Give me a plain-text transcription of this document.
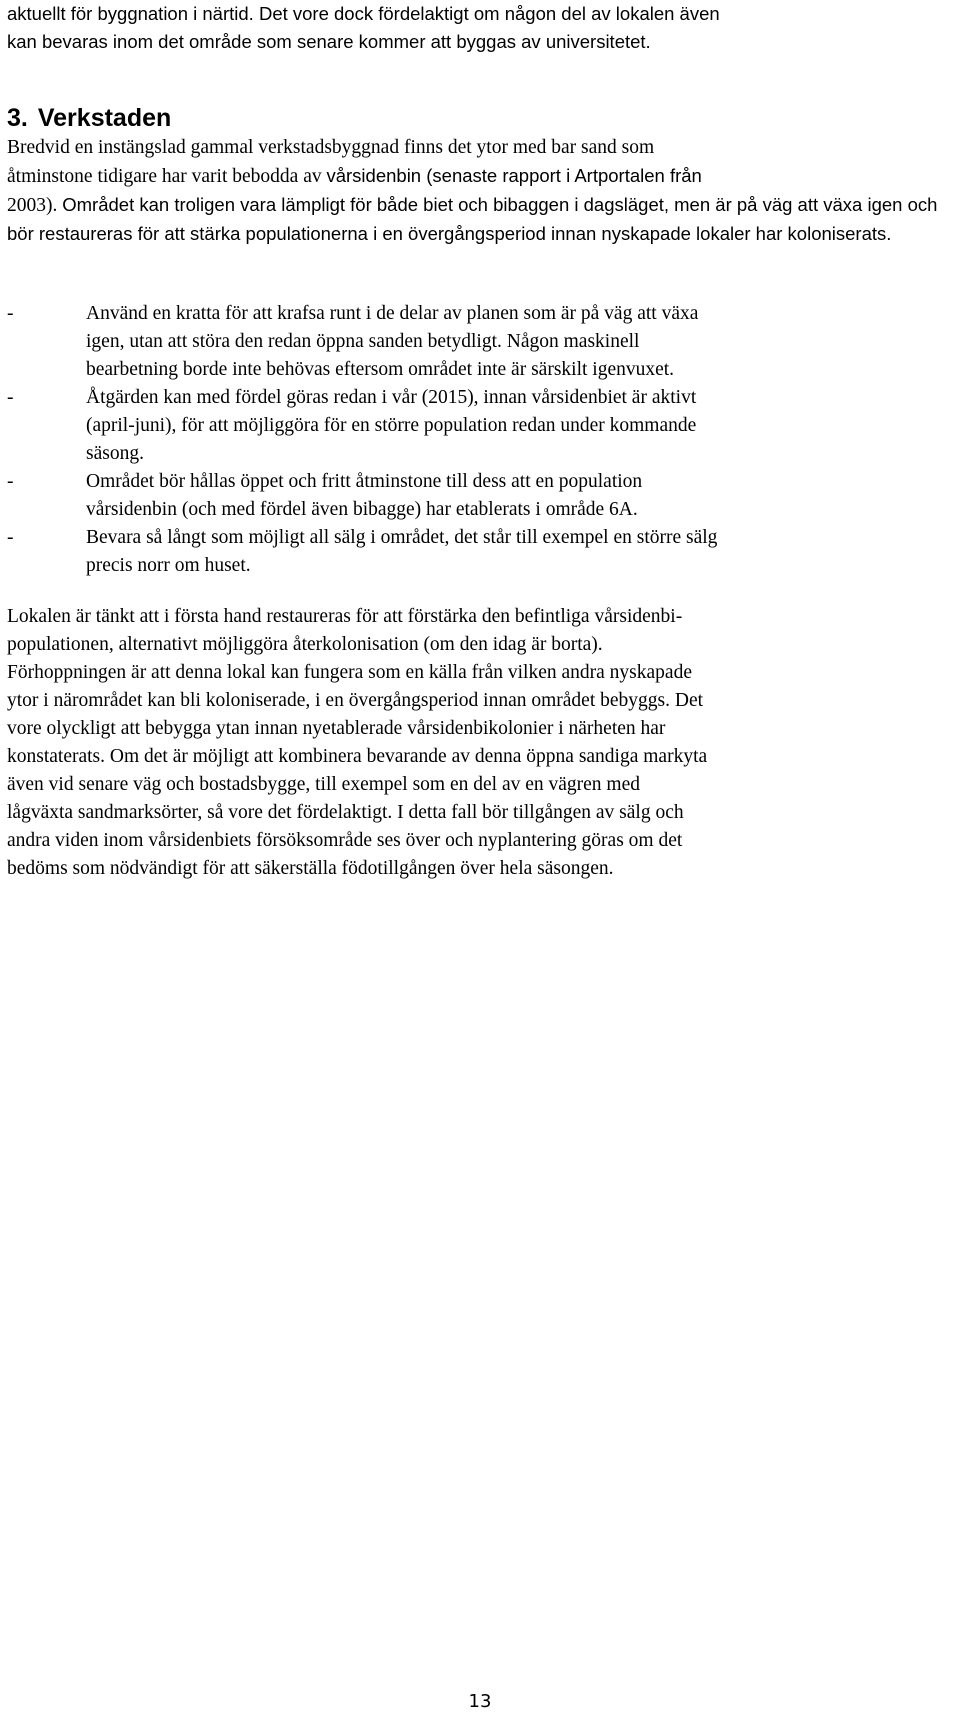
aktuellt för byggnation i närtid. Det vore dock fördelaktigt om någon del av lokalen även
kan bevaras inom det område som senare kommer att byggas av universitetet.

3. Verkstaden

Bredvid en instängslad gammal verkstadsbyggnad finns det ytor med bar sand som
åtminstone tidigare har varit bebodda av vårsidenbin (senaste rapport i Artportalen från
2003). Området kan troligen vara lämpligt för både biet och bibaggen i dagsläget, men är på väg att växa igen och bör restaureras för att stärka populationerna i en övergångsperiod innan nyskapade lokaler har koloniserats.

-	Använd en kratta för att krafsa runt i de delar av planen som är på väg att växa
igen, utan att störa den redan öppna sanden betydligt. Någon maskinell
bearbetning borde inte behövas eftersom området inte är särskilt igenvuxet.
-	Åtgärden kan med fördel göras redan i vår (2015), innan vårsidenbiet är aktivt
(april-juni), för att möjliggöra för en större population redan under kommande
säsong.
-	Området bör hållas öppet och fritt åtminstone till dess att en population
vårsidenbin (och med fördel även bibagge) har etablerats i område 6A.
-	Bevara så långt som möjligt all sälg i området, det står till exempel en större sälg
precis norr om huset.

Lokalen är tänkt att i första hand restaureras för att förstärka den befintliga vårsidenbi-
populationen, alternativt möjliggöra återkolonisation (om den idag är borta).
Förhoppningen är att denna lokal kan fungera som en källa från vilken andra nyskapade
ytor i närområdet kan bli koloniserade, i en övergångsperiod innan området bebyggs. Det
vore olyckligt att bebygga ytan innan nyetablerade vårsidenbikolonier i närheten har
konstaterats. Om det är möjligt att kombinera bevarande av denna öppna sandiga markyta
även vid senare väg och bostadsbygge, till exempel som en del av en vägren med
lågväxta sandmarksörter, så vore det fördelaktigt. I detta fall bör tillgången av sälg och
andra viden inom vårsidenbiets försöksområde ses över och nyplantering göras om det
bedöms som nödvändigt för att säkerställa födotillgången över hela säsongen.

13
